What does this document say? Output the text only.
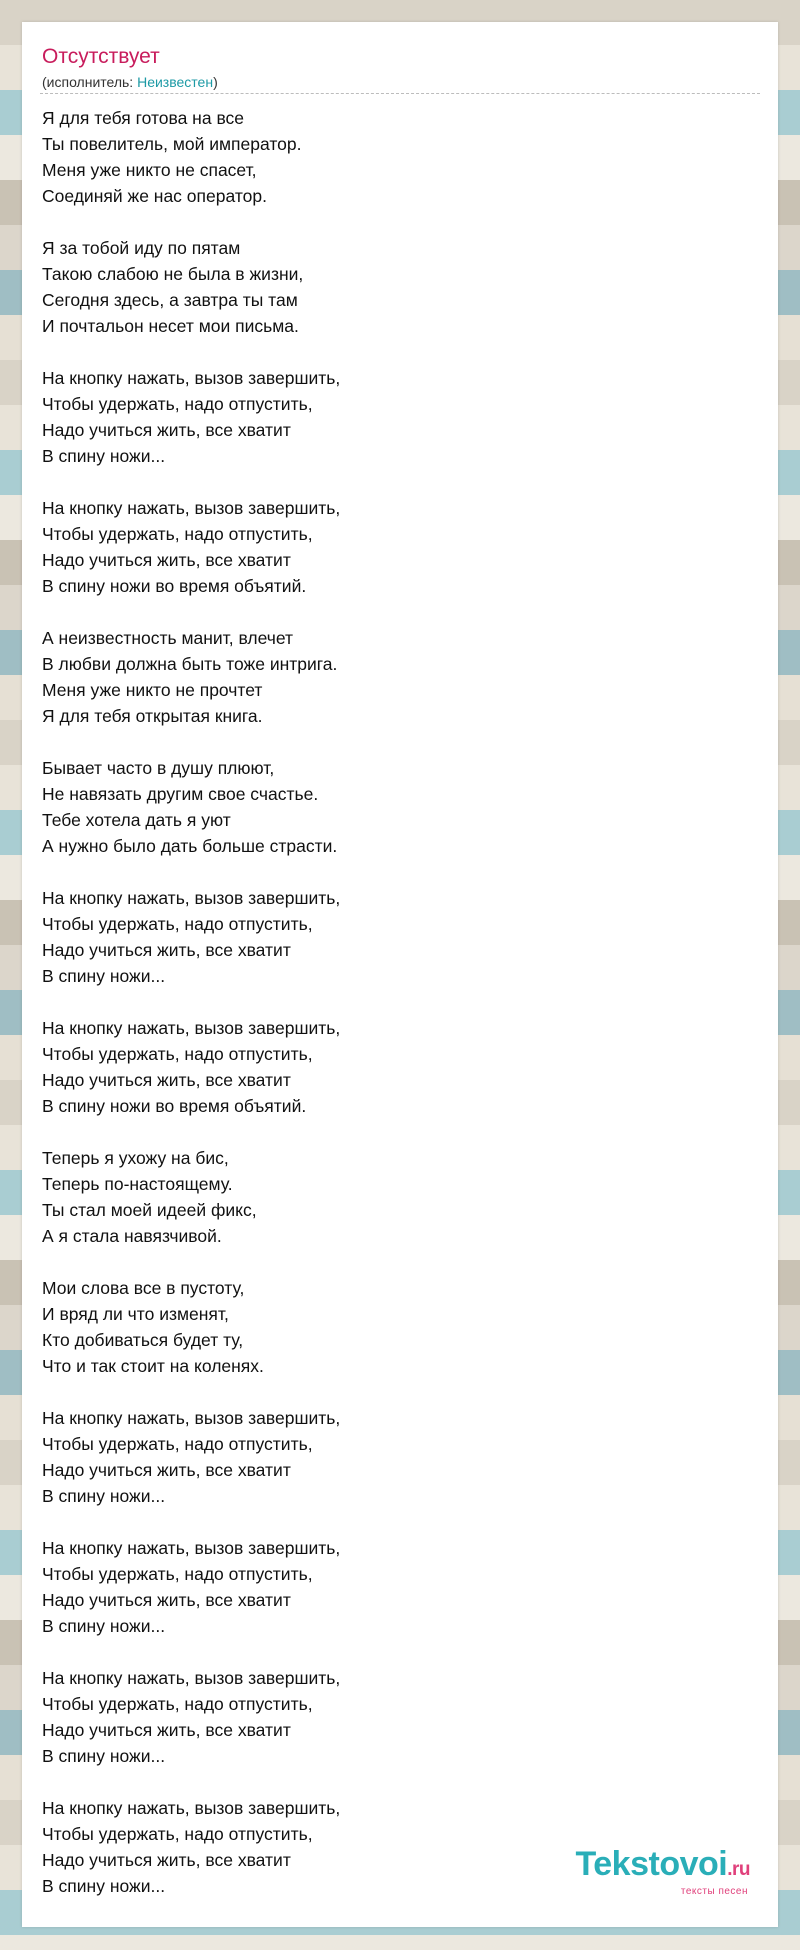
Отсутствует
(исполнитель: Неизвестен)
Я для тебя готова на все
Ты повелитель, мой император.
Меня уже никто не спасет,
Соединяй же нас оператор.
Я за тобой иду по пятам
Такою слабою не была в жизни,
Сегодня здесь, а завтра ты там
И почтальон несет мои письма.
На кнопку нажать, вызов завершить,
Чтобы удержать, надо отпустить,
Надо учиться жить, все хватит
В спину ножи...
На кнопку нажать, вызов завершить,
Чтобы удержать, надо отпустить,
Надо учиться жить, все хватит
В спину ножи во время объятий.
А неизвестность манит, влечет
В любви должна быть тоже интрига.
Меня уже никто не прочтет
Я для тебя открытая книга.
Бывает часто в душу плюют,
Не навязать другим свое счастье.
Тебе хотела дать я уют
А нужно было дать больше страсти.
На кнопку нажать, вызов завершить,
Чтобы удержать, надо отпустить,
Надо учиться жить, все хватит
В спину ножи...
На кнопку нажать, вызов завершить,
Чтобы удержать, надо отпустить,
Надо учиться жить, все хватит
В спину ножи во время объятий.
Теперь я ухожу на бис,
Теперь по-настоящему.
Ты стал моей идеей фикс,
А я стала навязчивой.
Мои слова все в пустоту,
И вряд ли что изменят,
Кто добиваться будет ту,
Что и так стоит на коленях.
На кнопку нажать, вызов завершить,
Чтобы удержать, надо отпустить,
Надо учиться жить, все хватит
В спину ножи...
На кнопку нажать, вызов завершить,
Чтобы удержать, надо отпустить,
Надо учиться жить, все хватит
В спину ножи...
На кнопку нажать, вызов завершить,
Чтобы удержать, надо отпустить,
Надо учиться жить, все хватит
В спину ножи...
На кнопку нажать, вызов завершить,
Чтобы удержать, надо отпустить,
Надо учиться жить, все хватит
В спину ножи...
Tekstovoi.ru
тексты песен
